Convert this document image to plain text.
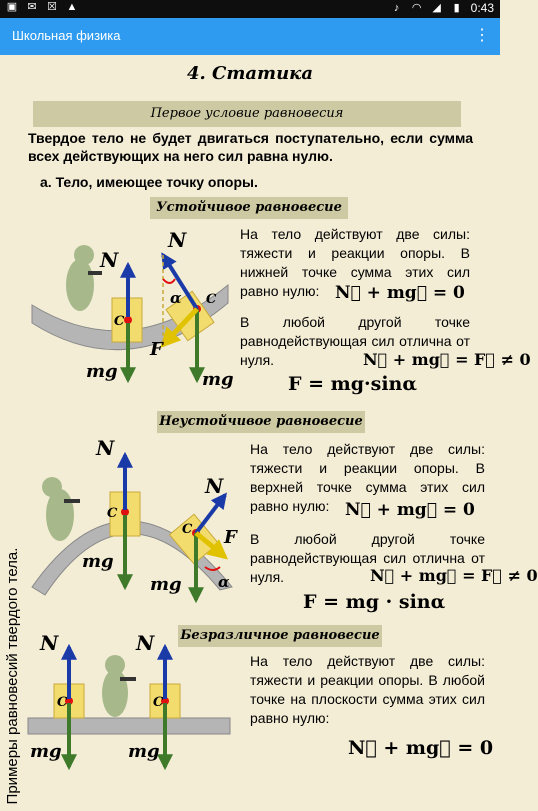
▣ ✉ ☒ ▲	♪ ◠ ◢ ▮ 0:43
Школьная физика	⋮
N
N
C
C
α
F
mg	mg
N
N
C
C F
α
mg
mg
N	N
C	C
mg	mg
4. Статика
Первое условие равновесия
Твердое тело не будет двигаться поступательно, если сумма всех действующих на него сил равна нулю.
а. Тело, имеющее точку опоры.
Устойчивое равновесие
На тело действуют две силы: тяжести и реакции опоры. В нижней точке сумма этих сил равно нулю: N⃗ + mg⃗ = 0
В любой другой точке равнодействующая сил отлична от нуля.	N⃗ + mg⃗ = F⃗ ≠ 0
F = mg·sinα
Неустойчивое равновесие
На тело действуют две силы: тяжести и реакции опоры. В верхней точке сумма этих сил равно нулю: N⃗ + mg⃗ = 0
В любой другой точке равнодействующая сил отлична от нуля.	N⃗ + mg⃗ = F⃗ ≠ 0
F = mg · sinα
Безразличное равновесие
На тело действуют две силы: тяжести и реакции опоры. В любой точке на плоскости сумма этих сил равно нулю:
N⃗ + mg⃗ = 0
Примеры равновесий твердого тела.
